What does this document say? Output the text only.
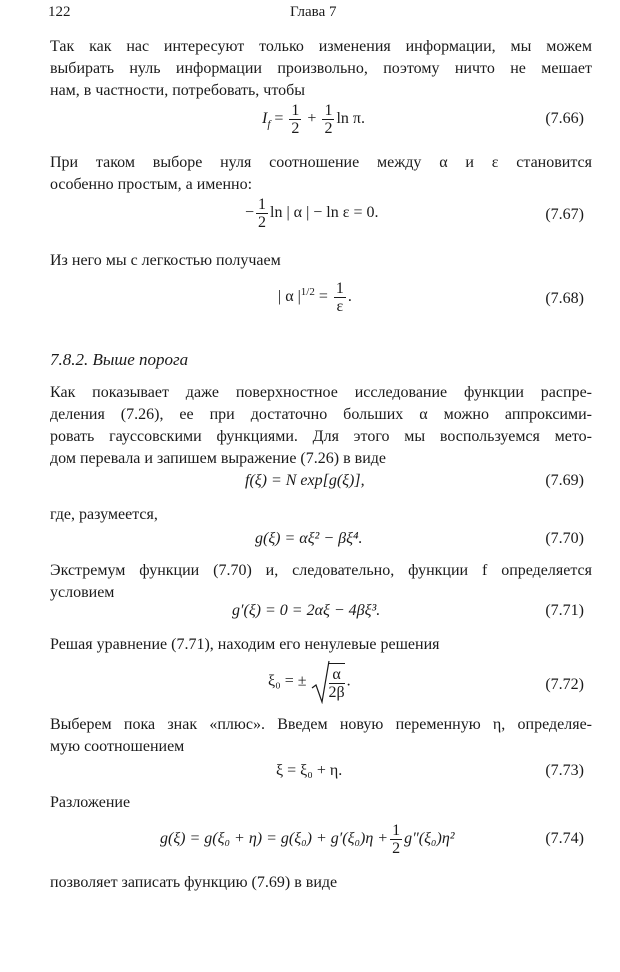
122	Глава 7

Так как нас интересуют только изменения информации, мы можем
выбирать нуль информации произвольно, поэтому ничто не мешает
нам, в частности, потребовать, чтобы

$I_f = \frac{1}{2} + \frac{1}{2}$ ln π.	(7.66)

При таком выборе нуля соотношение между α и ε становится
особенно простым, а именно:

− $\frac{1}{2}$ ln | α | − ln ε = 0.	(7.67)

Из него мы с легкостью получаем

| α $|^{1/2} = \frac{1}{\varepsilon}$ .	(7.68)
7.8.2. Выше порога

Как показывает даже поверхностное исследование функции распре-
деления (7.26), ее при достаточно больших α можно аппроксими-
ровать гауссовскими функциями. Для этого мы воспользуемся мето-
дом перевала и запишем выражение (7.26) в виде

f(ξ) = N exp[g(ξ)],	(7.69)

где, разумеется,

g(ξ) = αξ² − βξ⁴.	(7.70)

Экстремум функции (7.70) и, следовательно, функции f определяется
условием

g′(ξ) = 0 = 2αξ − 4βξ³.	(7.71)

Решая уравнение (7.71), находим его ненулевые решения

ξ₀ = ± $\frac{\alpha}{2\beta}$ .	(7.72)

Выберем пока знак «плюс». Введем новую переменную η, определяе-
мую соотношением

ξ = ξ₀ + η.	(7.73)

Разложение

$g(\xi) = g(\xi_0 + \eta) = g(\xi_0) + g'(\xi_0)\eta + \frac{1}{2} g''(\xi_0)\eta^2$	(7.74)

позволяет записать функцию (7.69) в виде
